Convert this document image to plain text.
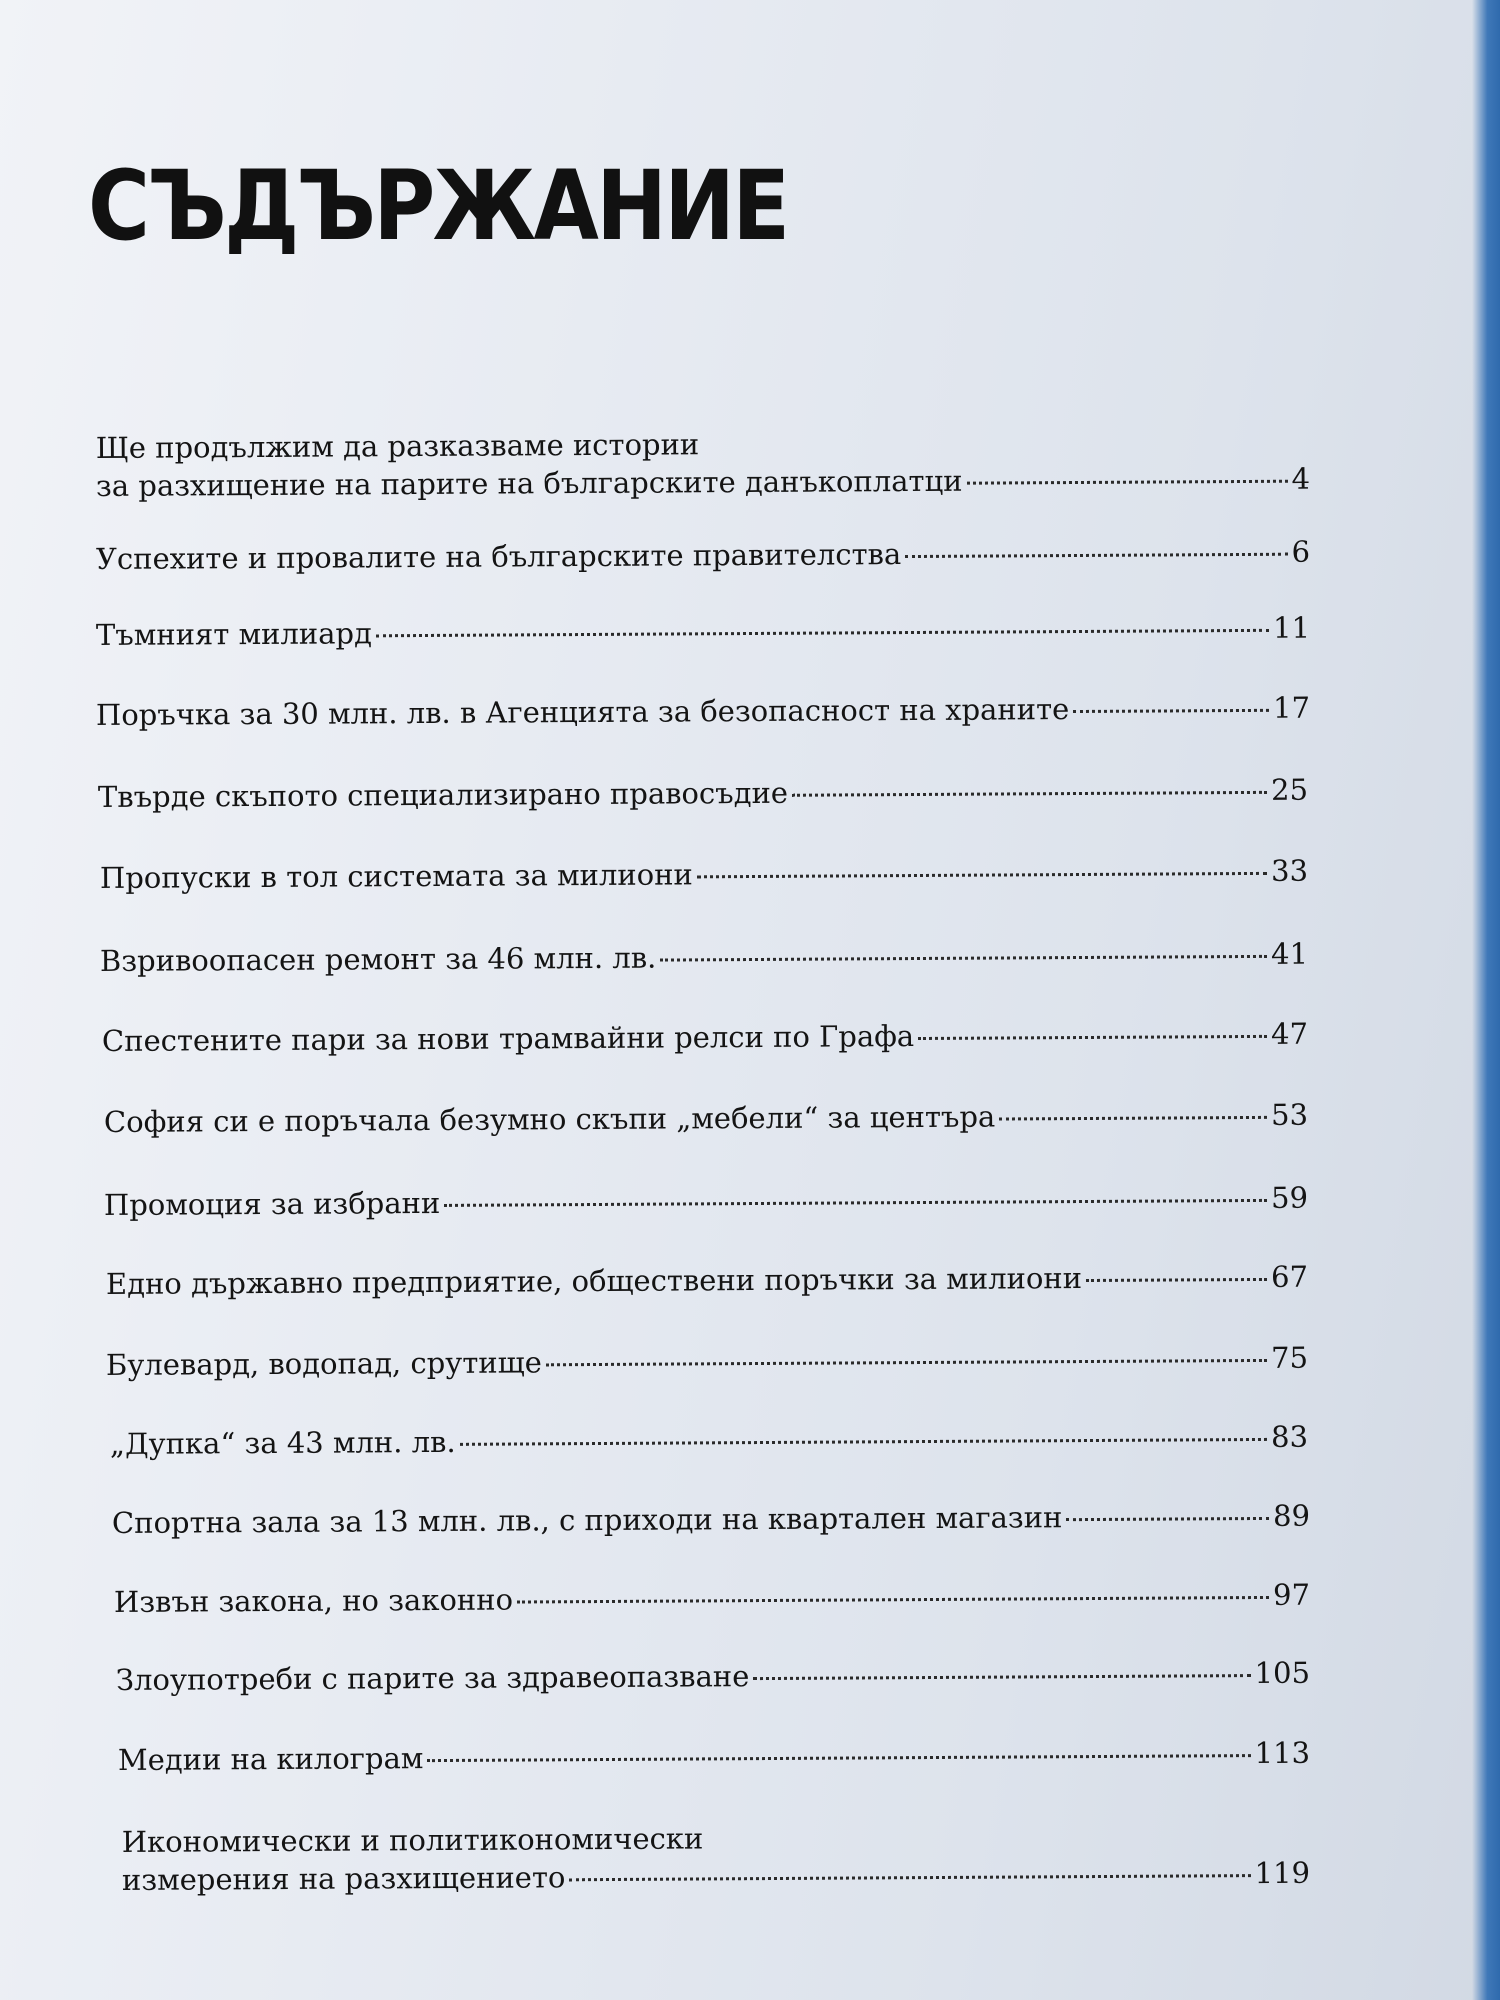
СЪДЪРЖАНИЕ
Ще продължим да разказваме истории
за разхищение на парите на българските данъкоплатци	4
Успехите и провалите на българските правителства	6
Тъмният милиард	11
Поръчка за 30 млн. лв. в Агенцията за безопасност на храните	17
Твърде скъпото специализирано правосъдие	25
Пропуски в тол системата за милиони	33
Взривоопасен ремонт за 46 млн. лв.	41
Спестените пари за нови трамвайни релси по Графа	47
София си е поръчала безумно скъпи „мебели“ за центъра	53
Промоция за избрани	59
Едно държавно предприятие, обществени поръчки за милиони	67
Булевард, водопад, срутище	75
„Дупка“ за 43 млн. лв.	83
Спортна зала за 13 млн. лв., с приходи на квартален магазин	89
Извън закона, но законно	97
Злоупотреби с парите за здравеопазване	105
Медии на килограм	113
Икономически и политикономически
измерения на разхищението	119
